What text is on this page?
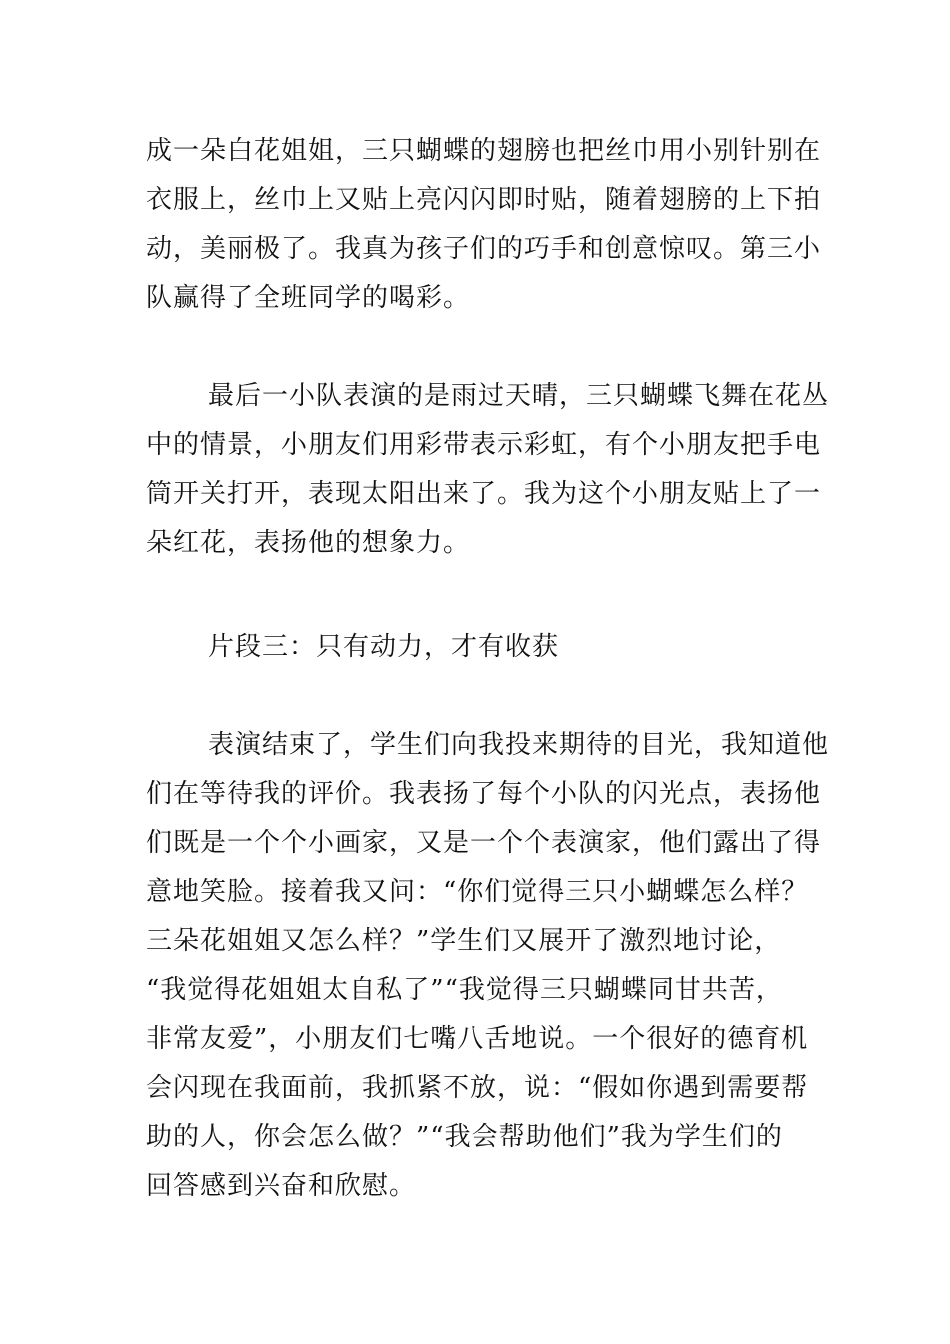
成一朵白花姐姐，三只蝴蝶的翅膀也把丝巾用小别针别在
衣服上，丝巾上又贴上亮闪闪即时贴，随着翅膀的上下拍
动，美丽极了。我真为孩子们的巧手和创意惊叹。第三小
队赢得了全班同学的喝彩。
最后一小队表演的是雨过天晴，三只蝴蝶飞舞在花丛
中的情景，小朋友们用彩带表示彩虹，有个小朋友把手电
筒开关打开，表现太阳出来了。我为这个小朋友贴上了一
朵红花，表扬他的想象力。
片段三：只有动力，才有收获
表演结束了，学生们向我投来期待的目光，我知道他
们在等待我的评价。我表扬了每个小队的闪光点，表扬他
们既是一个个小画家，又是一个个表演家，他们露出了得
意地笑脸。接着我又问：“你们觉得三只小蝴蝶怎么样？
三朵花姐姐又怎么样？”学生们又展开了激烈地讨论，
“我觉得花姐姐太自私了”“我觉得三只蝴蝶同甘共苦，
非常友爱”，小朋友们七嘴八舌地说。一个很好的德育机
会闪现在我面前，我抓紧不放，说：“假如你遇到需要帮
助的人，你会怎么做？”“我会帮助他们”我为学生们的
回答感到兴奋和欣慰。
